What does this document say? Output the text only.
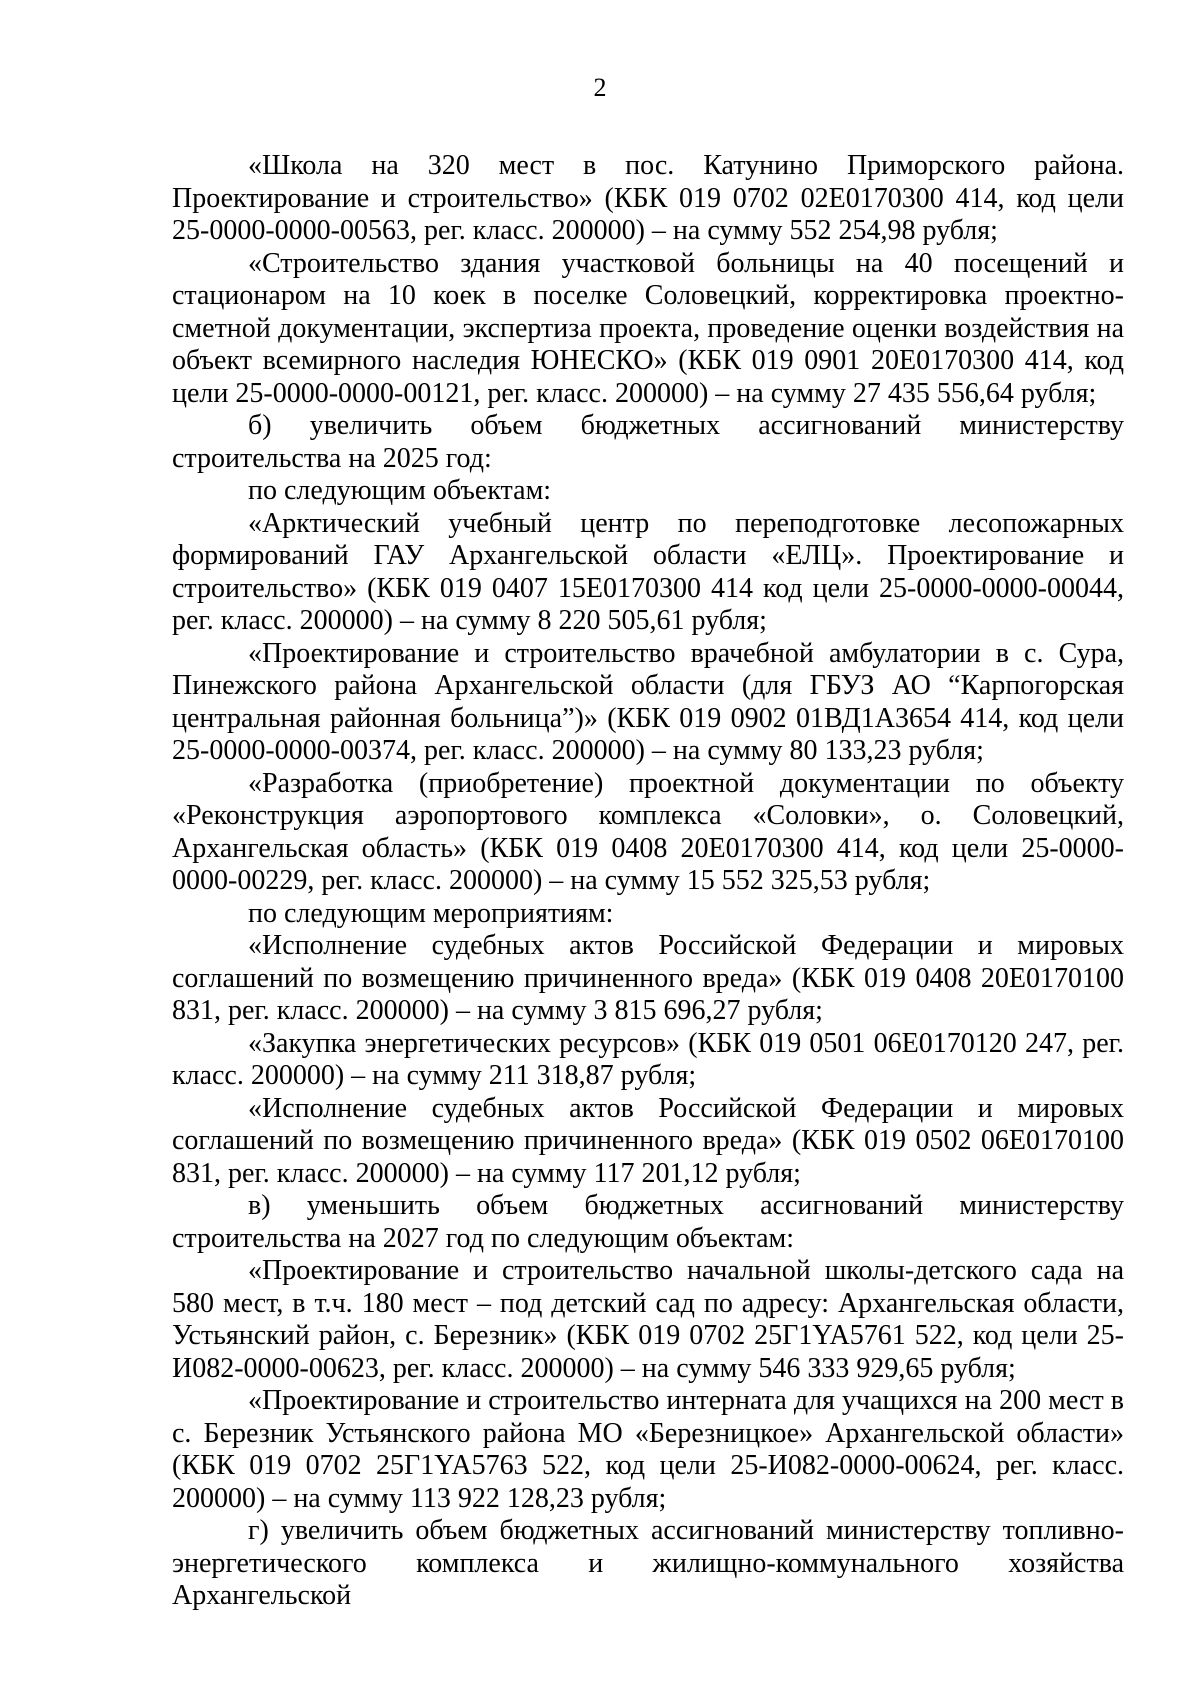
2

«Школа на 320 мест в пос. Катунино Приморского района. Проектирование и строительство» (КБК 019 0702 02Е0170300 414, код цели 25-0000-0000-00563, рег. класс. 200000) – на сумму 552 254,98 рубля;

«Строительство здания участковой больницы на 40 посещений и стационаром на 10 коек в поселке Соловецкий, корректировка проектно-сметной документации, экспертиза проекта, проведение оценки воздействия на объект всемирного наследия ЮНЕСКО» (КБК 019 0901 20Е0170300 414, код цели 25-0000-0000-00121, рег. класс. 200000) – на сумму 27 435 556,64 рубля;

б) увеличить объем бюджетных ассигнований министерству строительства на 2025 год:

по следующим объектам:

«Арктический учебный центр по переподготовке лесопожарных формирований ГАУ Архангельской области «ЕЛЦ». Проектирование и строительство» (КБК 019 0407 15Е0170300 414 код цели 25-0000-0000-00044, рег. класс. 200000) – на сумму 8 220 505,61 рубля;

«Проектирование и строительство врачебной амбулатории в с. Сура, Пинежского района Архангельской области (для ГБУЗ АО “Карпогорская центральная районная больница”)» (КБК 019 0902 01ВД1А3654 414, код цели 25-0000-0000-00374, рег. класс. 200000) – на сумму 80 133,23 рубля;

«Разработка (приобретение) проектной документации по объекту «Реконструкция аэропортового комплекса «Соловки», о. Соловецкий, Архангельская область» (КБК 019 0408 20Е0170300 414, код цели 25-0000-0000-00229, рег. класс. 200000) – на сумму 15 552 325,53 рубля;

по следующим мероприятиям:

«Исполнение судебных актов Российской Федерации и мировых соглашений по возмещению причиненного вреда» (КБК 019 0408 20Е0170100 831, рег. класс. 200000) – на сумму 3 815 696,27 рубля;

«Закупка энергетических ресурсов» (КБК 019 0501 06Е0170120 247, рег. класс. 200000) – на сумму 211 318,87 рубля;

«Исполнение судебных актов Российской Федерации и мировых соглашений по возмещению причиненного вреда» (КБК 019 0502 06Е0170100 831, рег. класс. 200000) – на сумму 117 201,12 рубля;

в) уменьшить объем бюджетных ассигнований министерству строительства на 2027 год по следующим объектам:

«Проектирование и строительство начальной школы-детского сада на 580 мест, в т.ч. 180 мест – под детский сад по адресу: Архангельская области, Устьянский район, с. Березник» (КБК 019 0702 25Г1YA5761 522, код цели 25-И082-0000-00623, рег. класс. 200000) – на сумму 546 333 929,65 рубля;

«Проектирование и строительство интерната для учащихся на 200 мест в с. Березник Устьянского района МО «Березницкое» Архангельской области» (КБК 019 0702 25Г1YA5763 522, код цели 25-И082-0000-00624, рег. класс. 200000) – на сумму 113 922 128,23 рубля;

г) увеличить объем бюджетных ассигнований министерству топливно-энергетического комплекса и жилищно-коммунального хозяйства Архангельской
